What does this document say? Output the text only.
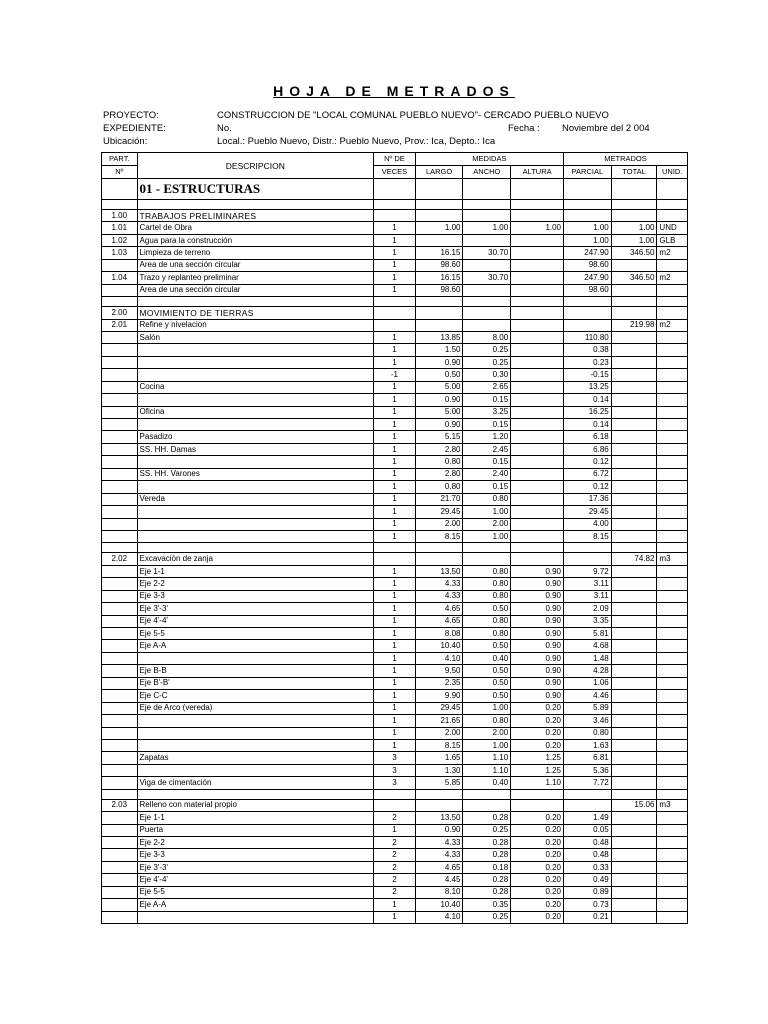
HOJA DE METRADOS
PROYECTO:	CONSTRUCCION DE "LOCAL COMUNAL PUEBLO NUEVO"- CERCADO PUEBLO NUEVO
EXPEDIENTE:	No.	Fecha : Noviembre del 2 004
Ubicación:	Local.: Pueblo Nuevo, Distr.: Pueblo Nuevo, Prov.: Ica, Depto.: Ica
PART.	DESCRIPCION	Nº DE	MEDIDAS			METRADOS		
Nº		VECES	LARGO	ANCHO	ALTURA	PARCIAL	TOTAL	UNID.
	01 - ESTRUCTURAS							

1.00	TRABAJOS PRELIMINARES							
1.01	Cartel de Obra	1	1.00	1.00	1.00	1.00	1.00	UND
1.02	Agua para la construcción	1				1.00	1.00	GLB
1.03	Limpieza de terreno	1	16.15	30.70		247.90	346.50	m2
	Area de una sección circular	1	98.60			98.60		
1.04	Trazo y replanteo preliminar	1	16.15	30.70		247.90	346.50	m2
	Area de una sección circular	1	98.60			98.60		

2.00	MOVIMIENTO DE TIERRAS							
2.01	Refine y nivelacion						219.98	m2
	Salón	1	13.85	8.00		110.80		
		1	1.50	0.25		0.38		
		1	0.90	0.25		0.23		
		-1	0.50	0.30		-0.15		
	Cocina	1	5.00	2.65		13.25		
		1	0.90	0.15		0.14		
	Oficina	1	5.00	3.25		16.25		
		1	0.90	0.15		0.14		
	Pasadizo	1	5.15	1.20		6.18		
	SS. HH. Damas	1	2.80	2.45		6.86		
		1	0.80	0.15		0.12		
	SS. HH. Varones	1	2.80	2.40		6.72		
		1	0.80	0.15		0.12		
	Vereda	1	21.70	0.80		17.36		
		1	29.45	1.00		29.45		
		1	2.00	2.00		4.00		
		1	8.15	1.00		8.15		

2.02	Excavación de zanja						74.82	m3
	Eje 1-1	1	13.50	0.80	0.90	9.72		
	Eje 2-2	1	4.33	0.80	0.90	3.11		
	Eje 3-3	1	4.33	0.80	0.90	3.11		
	Eje 3'-3'	1	4.65	0.50	0.90	2.09		
	Eje 4'-4'	1	4.65	0.80	0.90	3.35		
	Eje 5-5	1	8.08	0.80	0.90	5.81		
	Eje A-A	1	10.40	0.50	0.90	4.68		
		1	4.10	0.40	0.90	1.48		
	Eje B-B	1	9.50	0.50	0.90	4.28		
	Eje B'-B'	1	2.35	0.50	0.90	1.06		
	Eje C-C	1	9.90	0.50	0.90	4.46		
	Eje de Arco (vereda)	1	29.45	1.00	0.20	5.89		
		1	21.65	0.80	0.20	3.46		
		1	2.00	2.00	0.20	0.80		
		1	8.15	1.00	0.20	1.63		
	Zapatas	3	1.65	1.10	1.25	6.81		
		3	1.30	1.10	1.25	5.36		
	Viga de cimentación	3	5.85	0.40	1.10	7.72		

2.03	Relleno con material propio						15.06	m3
	Eje 1-1	2	13.50	0.28	0.20	1.49		
	Puerta	1	0.90	0.25	0.20	0.05		
	Eje 2-2	2	4.33	0.28	0.20	0.48		
	Eje 3-3	2	4.33	0.28	0.20	0.48		
	Eje 3'-3'	2	4.65	0.18	0.20	0.33		
	Eje 4'-4'	2	4.45	0.28	0.20	0.49		
	Eje 5-5	2	8.10	0.28	0.20	0.89		
	Eje A-A	1	10.40	0.35	0.20	0.73		
		1	4.10	0.25	0.20	0.21		
